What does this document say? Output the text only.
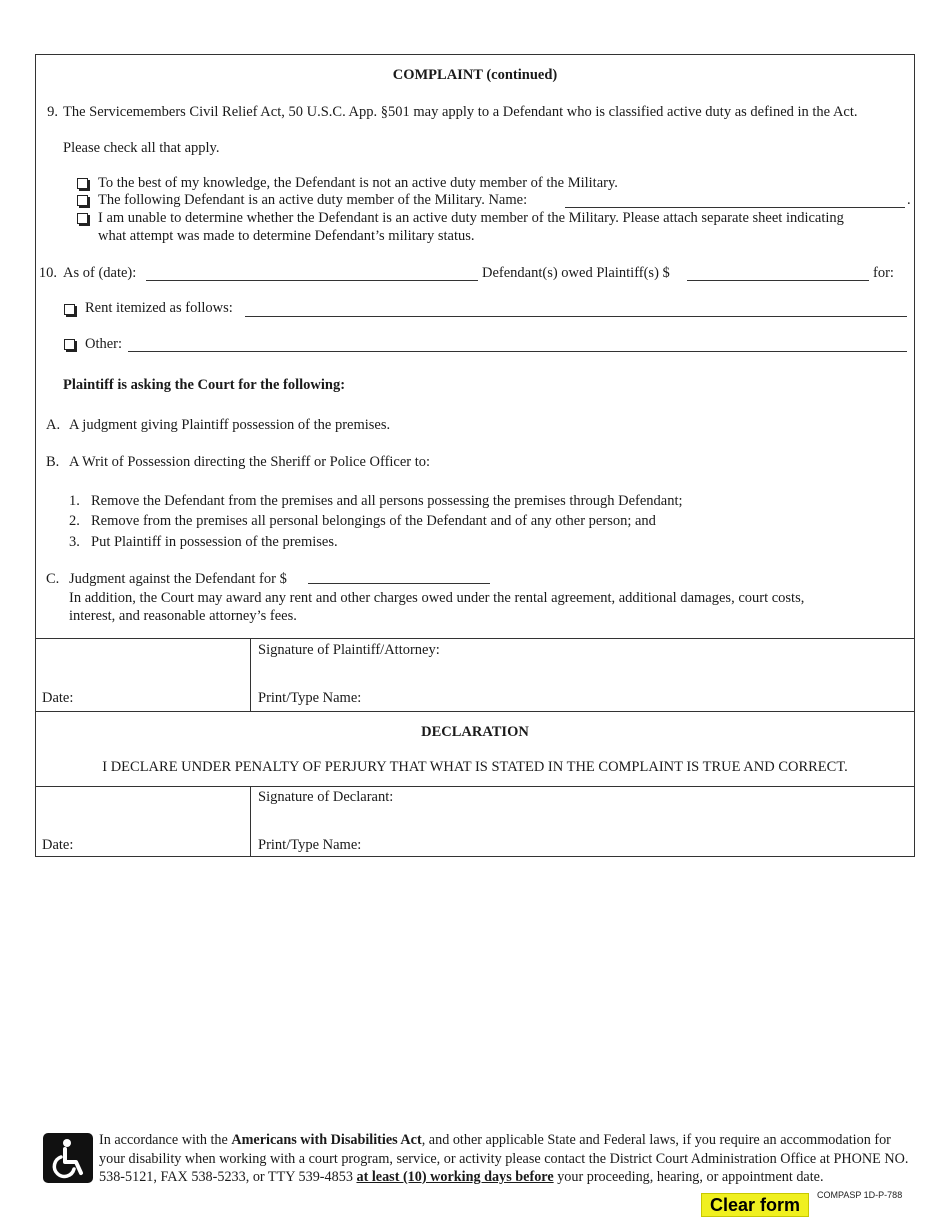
COMPLAINT (continued)
9. The Servicemembers Civil Relief Act, 50 U.S.C. App. §501 may apply to a Defendant who is classified active duty as defined in the Act.
Please check all that apply.
To the best of my knowledge, the Defendant is not an active duty member of the Military.
The following Defendant is an active duty member of the Military. Name:	.
I am unable to determine whether the Defendant is an active duty member of the Military. Please attach separate sheet indicating
what attempt was made to determine Defendant’s military status.
10. As of (date):	Defendant(s) owed Plaintiff(s) $	for:
Rent itemized as follows:
Other:
Plaintiff is asking the Court for the following:
A. A judgment giving Plaintiff possession of the premises.
B. A Writ of Possession directing the Sheriff or Police Officer to:
1. Remove the Defendant from the premises and all persons possessing the premises through Defendant;
2. Remove from the premises all personal belongings of the Defendant and of any other person; and
3. Put Plaintiff in possession of the premises.
C. Judgment against the Defendant for $
In addition, the Court may award any rent and other charges owed under the rental agreement, additional damages, court costs,
interest, and reasonable attorney’s fees.
Date:
Signature of Plaintiff/Attorney:
Print/Type Name:
DECLARATION
I DECLARE UNDER PENALTY OF PERJURY THAT WHAT IS STATED IN THE COMPLAINT IS TRUE AND CORRECT.
Date:
Signature of Declarant:
Print/Type Name:
In accordance with the Americans with Disabilities Act, and other applicable State and Federal laws, if you require an accommodation for your disability when working with a court program, service, or activity please contact the District Court Administration Office at PHONE NO. 538-5121, FAX 538-5233, or TTY 539-4853 at least (10) working days before your proceeding, hearing, or appointment date.
Clear form	COMPASP 1D-P-788
